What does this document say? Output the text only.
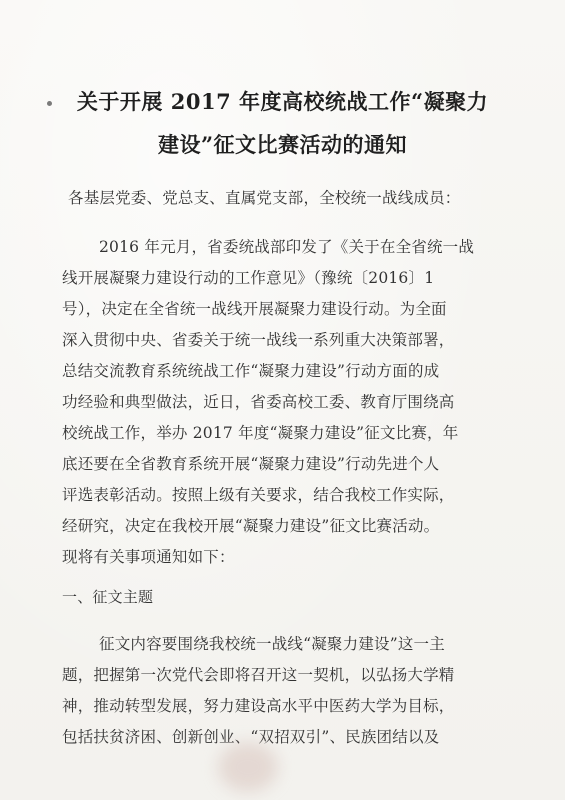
关于开展 2017 年度高校统战工作“凝聚力
建设”征文比赛活动的通知
各基层党委、党总支、直属党支部，全校统一战线成员：
2016 年元月，省委统战部印发了《关于在全省统一战
线开展凝聚力建设行动的工作意见》（豫统〔2016〕1
号），决定在全省统一战线开展凝聚力建设行动。为全面
深入贯彻中央、省委关于统一战线一系列重大决策部署，
总结交流教育系统统战工作“凝聚力建设”行动方面的成
功经验和典型做法，近日，省委高校工委、教育厅围绕高
校统战工作，举办 2017 年度“凝聚力建设”征文比赛，年
底还要在全省教育系统开展“凝聚力建设”行动先进个人
评选表彰活动。按照上级有关要求，结合我校工作实际，
经研究，决定在我校开展“凝聚力建设”征文比赛活动。
现将有关事项通知如下：
一、征文主题
征文内容要围绕我校统一战线“凝聚力建设”这一主
题，把握第一次党代会即将召开这一契机，以弘扬大学精
神，推动转型发展，努力建设高水平中医药大学为目标，
包括扶贫济困、创新创业、“双招双引”、民族团结以及
